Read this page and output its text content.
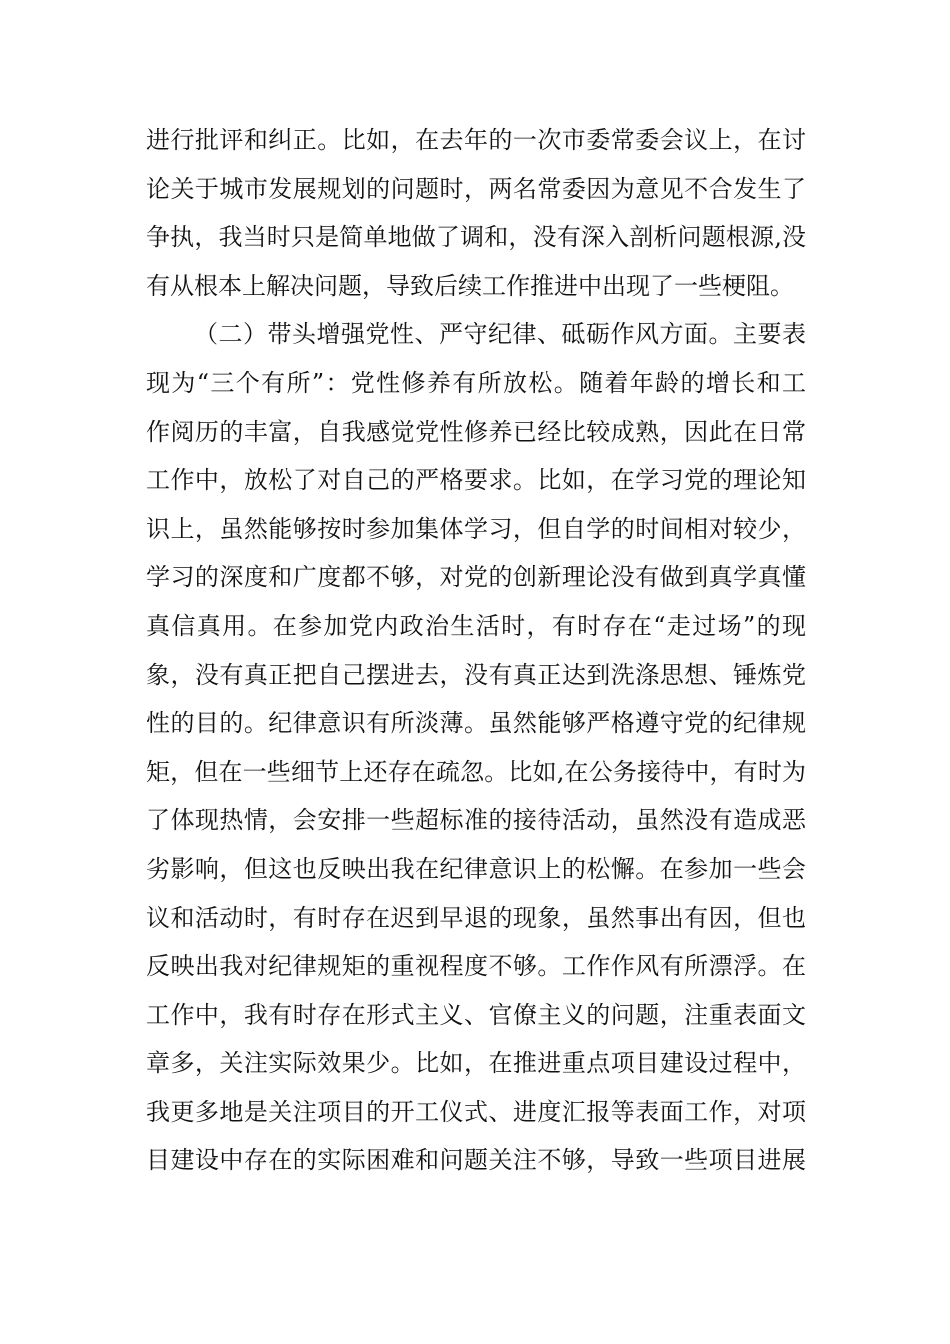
进行批评和纠正。比如，在去年的一次市委常委会议上，在讨
论关于城市发展规划的问题时，两名常委因为意见不合发生了
争执，我当时只是简单地做了调和，没有深入剖析问题根源,没
有从根本上解决问题，导致后续工作推进中出现了一些梗阻。
（二）带头增强党性、严守纪律、砥砺作风方面。主要表
现为“三个有所”：党性修养有所放松。随着年龄的增长和工
作阅历的丰富，自我感觉党性修养已经比较成熟，因此在日常
工作中，放松了对自己的严格要求。比如，在学习党的理论知
识上，虽然能够按时参加集体学习，但自学的时间相对较少，
学习的深度和广度都不够，对党的创新理论没有做到真学真懂
真信真用。在参加党内政治生活时，有时存在“走过场”的现
象，没有真正把自己摆进去，没有真正达到洗涤思想、锤炼党
性的目的。纪律意识有所淡薄。虽然能够严格遵守党的纪律规
矩，但在一些细节上还存在疏忽。比如,在公务接待中，有时为
了体现热情，会安排一些超标准的接待活动，虽然没有造成恶
劣影响，但这也反映出我在纪律意识上的松懈。在参加一些会
议和活动时，有时存在迟到早退的现象，虽然事出有因，但也
反映出我对纪律规矩的重视程度不够。工作作风有所漂浮。在
工作中，我有时存在形式主义、官僚主义的问题，注重表面文
章多，关注实际效果少。比如，在推进重点项目建设过程中，
我更多地是关注项目的开工仪式、进度汇报等表面工作，对项
目建设中存在的实际困难和问题关注不够，导致一些项目进展
